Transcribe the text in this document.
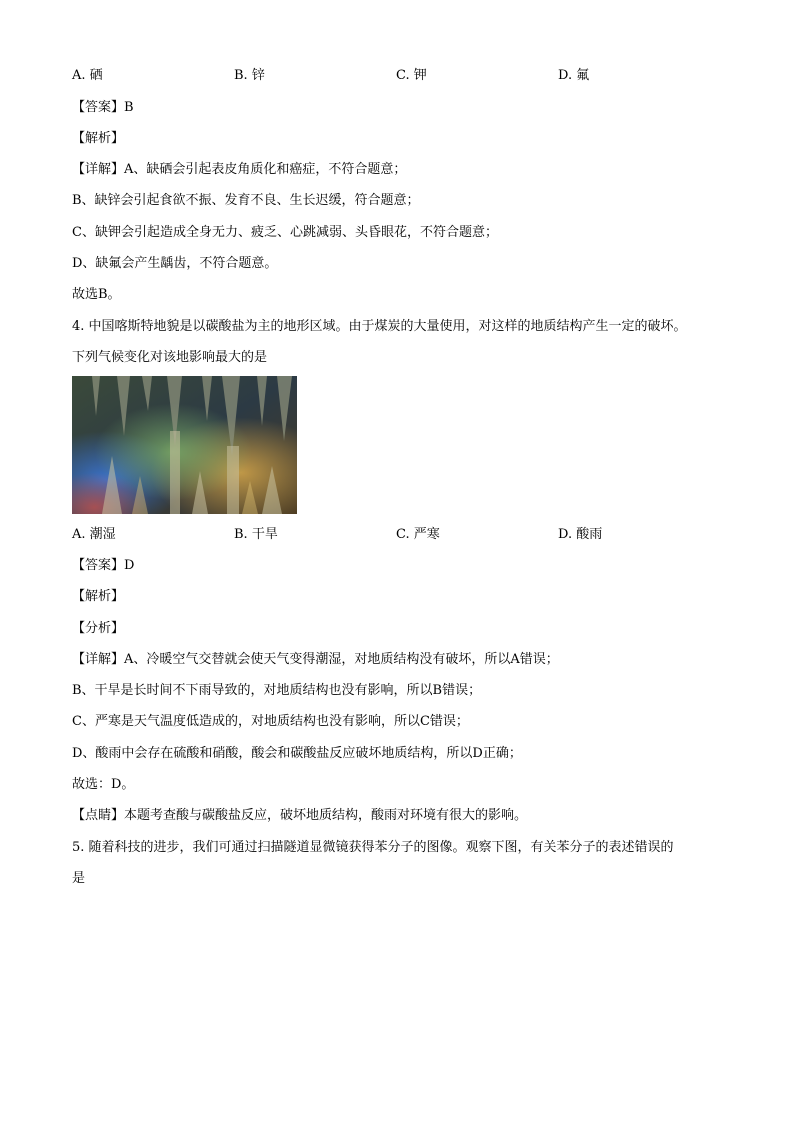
A. 硒	B. 锌	C. 钾	D. 氟
【答案】B
【解析】
【详解】A、缺硒会引起表皮角质化和癌症，不符合题意；
B、缺锌会引起食欲不振、发育不良、生长迟缓，符合题意；
C、缺钾会引起造成全身无力、疲乏、心跳减弱、头昏眼花，不符合题意；
D、缺氟会产生龋齿，不符合题意。
故选B。
4. 中国喀斯特地貌是以碳酸盐为主的地形区域。由于煤炭的大量使用，对这样的地质结构产生一定的破坏。
下列气候变化对该地影响最大的是
A. 潮湿	B. 干旱	C. 严寒	D. 酸雨
【答案】D
【解析】
【分析】
【详解】A、冷暖空气交替就会使天气变得潮湿，对地质结构没有破坏，所以A错误；
B、干旱是长时间不下雨导致的，对地质结构也没有影响，所以B错误；
C、严寒是天气温度低造成的，对地质结构也没有影响，所以C错误；
D、酸雨中会存在硫酸和硝酸，酸会和碳酸盐反应破坏地质结构，所以D正确；
故选：D。
【点睛】本题考查酸与碳酸盐反应，破坏地质结构，酸雨对环境有很大的影响。
5. 随着科技的进步，我们可通过扫描隧道显微镜获得苯分子的图像。观察下图，有关苯分子的表述错误的
是
